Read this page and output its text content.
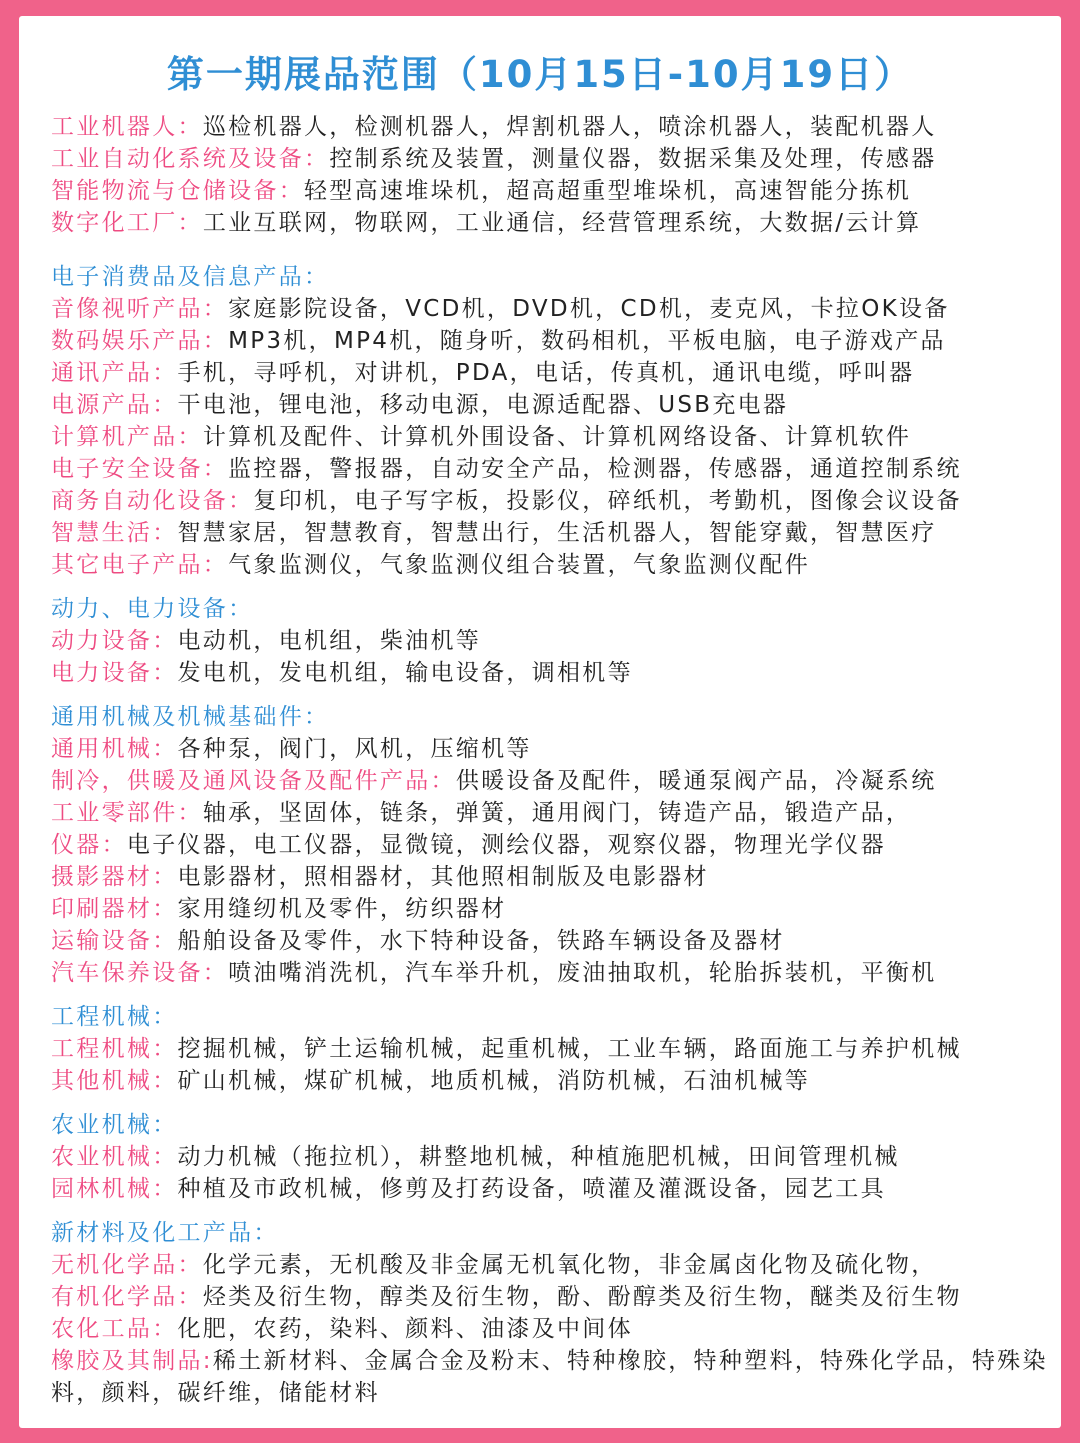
第一期展品范围（10月15日-10月19日）
工业机器人：巡检机器人，检测机器人，焊割机器人，喷涂机器人，装配机器人
工业自动化系统及设备：控制系统及装置，测量仪器，数据采集及处理，传感器
智能物流与仓储设备：轻型高速堆垛机，超高超重型堆垛机，高速智能分拣机
数字化工厂：工业互联网，物联网，工业通信，经营管理系统，大数据/云计算
电子消费品及信息产品：
音像视听产品：家庭影院设备，VCD机，DVD机，CD机，麦克风，卡拉OK设备
数码娱乐产品：MP3机，MP4机，随身听，数码相机，平板电脑，电子游戏产品
通讯产品：手机，寻呼机，对讲机，PDA，电话，传真机，通讯电缆，呼叫器
电源产品：干电池，锂电池，移动电源，电源适配器、USB充电器
计算机产品：计算机及配件、计算机外围设备、计算机网络设备、计算机软件
电子安全设备：监控器，警报器，自动安全产品，检测器，传感器，通道控制系统
商务自动化设备：复印机，电子写字板，投影仪，碎纸机，考勤机，图像会议设备
智慧生活：智慧家居，智慧教育，智慧出行，生活机器人，智能穿戴，智慧医疗
其它电子产品：气象监测仪，气象监测仪组合装置，气象监测仪配件
动力、电力设备：
动力设备：电动机，电机组，柴油机等
电力设备：发电机，发电机组，输电设备，调相机等
通用机械及机械基础件：
通用机械：各种泵，阀门，风机，压缩机等
制冷，供暖及通风设备及配件产品：供暖设备及配件，暖通泵阀产品，冷凝系统
工业零部件：轴承，坚固体，链条，弹簧，通用阀门，铸造产品，锻造产品，
仪器：电子仪器，电工仪器，显微镜，测绘仪器，观察仪器，物理光学仪器
摄影器材：电影器材，照相器材，其他照相制版及电影器材
印刷器材：家用缝纫机及零件，纺织器材
运输设备：船舶设备及零件，水下特种设备，铁路车辆设备及器材
汽车保养设备：喷油嘴消洗机，汽车举升机，废油抽取机，轮胎拆装机，平衡机
工程机械：
工程机械：挖掘机械，铲土运输机械，起重机械，工业车辆，路面施工与养护机械
其他机械：矿山机械，煤矿机械，地质机械，消防机械，石油机械等
农业机械：
农业机械：动力机械（拖拉机），耕整地机械，种植施肥机械，田间管理机械
园林机械：种植及市政机械，修剪及打药设备，喷灌及灌溉设备，园艺工具
新材料及化工产品：
无机化学品：化学元素，无机酸及非金属无机氧化物，非金属卤化物及硫化物，
有机化学品：烃类及衍生物，醇类及衍生物，酚、酚醇类及衍生物，醚类及衍生物
农化工品：化肥，农药，染料、颜料、油漆及中间体
橡胶及其制品:稀土新材料、金属合金及粉末、特种橡胶，特种塑料，特殊化学品，特殊染料，颜料，碳纤维，储能材料
